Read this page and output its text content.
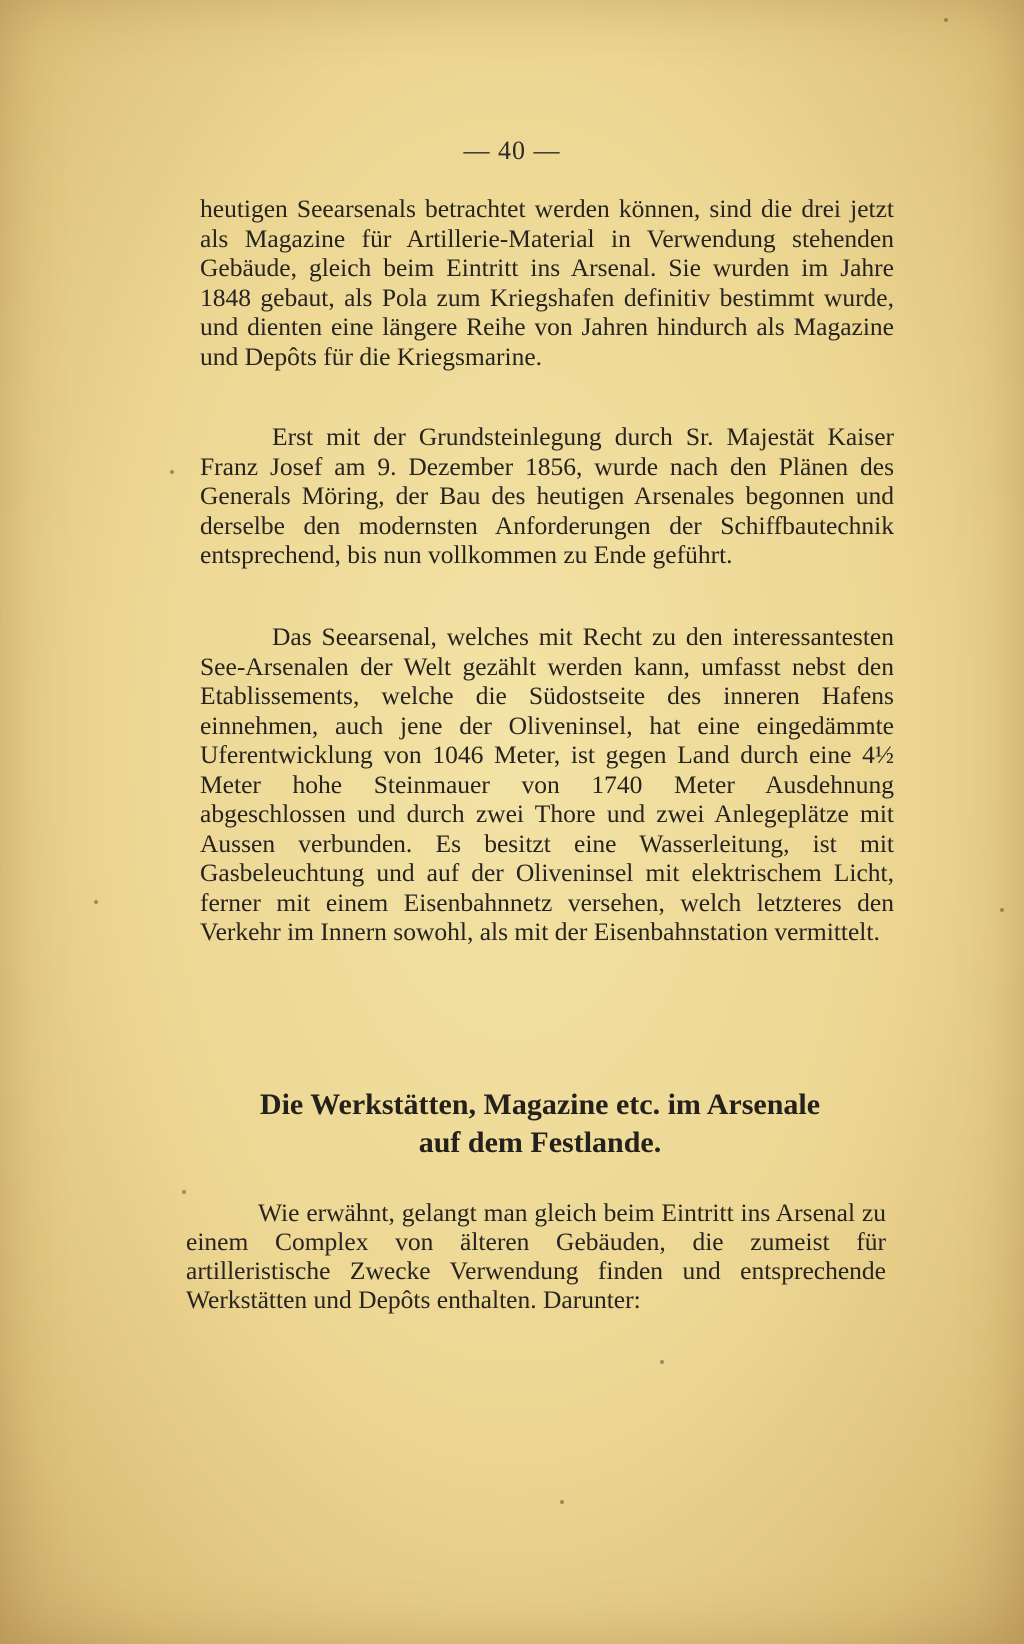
— 40 —

heutigen Seearsenals betrachtet werden können, sind die drei jetzt als Magazine für Artillerie-Material in Verwendung stehenden Gebäude, gleich beim Eintritt ins Arsenal. Sie wurden im Jahre 1848 gebaut, als Pola zum Kriegshafen definitiv bestimmt wurde, und dienten eine längere Reihe von Jahren hindurch als Magazine und Depôts für die Kriegsmarine.

Erst mit der Grundsteinlegung durch Sr. Majestät Kaiser Franz Josef am 9. Dezember 1856, wurde nach den Plänen des Generals Möring, der Bau des heutigen Arsenales begonnen und derselbe den modernsten Anforderungen der Schiffbautechnik entsprechend, bis nun vollkommen zu Ende geführt.

Das Seearsenal, welches mit Recht zu den interessantesten See-Arsenalen der Welt gezählt werden kann, umfasst nebst den Etablissements, welche die Südostseite des inneren Hafens einnehmen, auch jene der Oliveninsel, hat eine eingedämmte Uferentwicklung von 1046 Meter, ist gegen Land durch eine 4½ Meter hohe Steinmauer von 1740 Meter Ausdehnung abgeschlossen und durch zwei Thore und zwei Anlegeplätze mit Aussen verbunden. Es besitzt eine Wasserleitung, ist mit Gasbeleuchtung und auf der Oliveninsel mit elektrischem Licht, ferner mit einem Eisenbahnnetz versehen, welch letzteres den Verkehr im Innern sowohl, als mit der Eisenbahnstation vermittelt.

Die Werkstätten, Magazine etc. im Arsenale
auf dem Festlande.

Wie erwähnt, gelangt man gleich beim Eintritt ins Arsenal zu einem Complex von älteren Gebäuden, die zumeist für artilleristische Zwecke Verwendung finden und entsprechende Werkstätten und Depôts enthalten. Darunter:
